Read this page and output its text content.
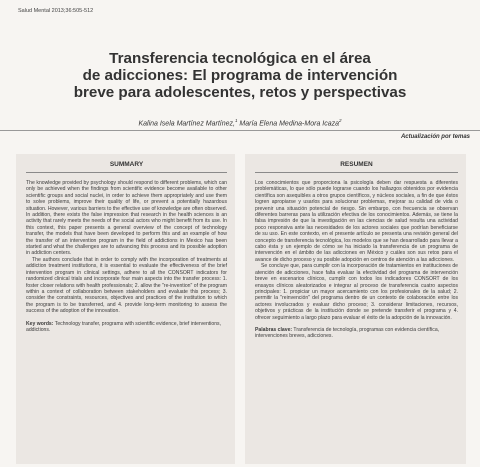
Salud Mental 2013;36:505-512
Transferencia tecnológica en el área
de adicciones: El programa de intervención
breve para adolescentes, retos y perspectivas
Kalina Isela Martínez Martínez,$^1$ María Elena Medina-Mora Icaza$^2$
Actualización por temas
SUMMARY

The knowledge provided by psychology should respond to different problems, which can only be achieved when the findings from scientific evidence become available to other scientific groups and social nuclei, in order to achieve them appropriately and use them to solve problems, improve their quality of life, or prevent a potentially hazardous situation. However, various barriers to the effective use of knowledge are often observed. In addition, there exists the false impression that research in the health sciences is an activity that rarely meets the needs of the social actors who might benefit from its use. In this context, this paper presents a general overview of the concept of technology transfer, the models that have been developed to perform this and an example of how the transfer of an intervention program in the field of addictions in Mexico has been started and what the challenges are to advancing this process and its possible adoption in addiction centers.

The authors conclude that in order to comply with the incorporation of treatments at addiction treatment institutions, it is essential to evaluate the effectiveness of the brief intervention program in clinical settings, adhere to all the CONSORT indicators for randomized clinical trials and incorporate four main aspects into the transfer process: 1. foster closer relations with health professionals; 2. allow the "re-invention" of the program within a context of collaboration between stakeholders and evaluate this process; 3. consider the constraints, resources, objectives and practices of the institution to which the program is to be transferred, and 4. provide long-term monitoring to assess the success of the adoption of the innovation.

Key words: Technology transfer, programs with scientific evidence, brief interventions, addictions.
RESUMEN

Los conocimientos que proporciona la psicología deben dar respuesta a diferentes problemáticas, lo que sólo puede lograrse cuando los hallazgos obtenidos por evidencia científica son asequibles a otros grupos científicos, y núcleos sociales, a fin de que éstos logren apropiarse y usarlos para solucionar problemas, mejorar su calidad de vida o prevenir una situación potencial de riesgo. Sin embargo, con frecuencia se observan diferentes barreras para la utilización efectiva de los conocimientos. Además, se tiene la falsa impresión de que la investigación en las ciencias de salud resulta una actividad poco responsiva ante las necesidades de los actores sociales que podrían beneficiarse de su uso. En este contexto, en el presente artículo se presenta una revisión general del concepto de transferencia tecnológica, los modelos que se han desarrollado para llevar a cabo ésta y un ejemplo de cómo se ha iniciado la transferencia de un programa de intervención en el ámbito de las adicciones en México y cuáles son sus retos para el avance de dicho proceso y su posible adopción en centros de atención a las adicciones.

Se concluye que, para cumplir con la incorporación de tratamientos en instituciones de atención de adicciones, hace falta evaluar la efectividad del programa de intervención breve en escenarios clínicos, cumplir con todos los indicadores CONSORT de los ensayos clínicos aleatorizados e integrar al proceso de transferencia cuatro aspectos principales: 1. propiciar un mayor acercamiento con los profesionales de la salud; 2. permitir la "reinvención" del programa dentro de un contexto de colaboración entre los actores involucrados y evaluar dicho proceso; 3. considerar limitaciones, recursos, objetivos y prácticas de la institución donde se pretende transferir el programa y 4. ofrecer seguimiento a largo plazo para evaluar el éxito de la adopción de la innovación.

Palabras clave: Transferencia de tecnología, programas con evidencia científica, intervenciones breves, adicciones.
